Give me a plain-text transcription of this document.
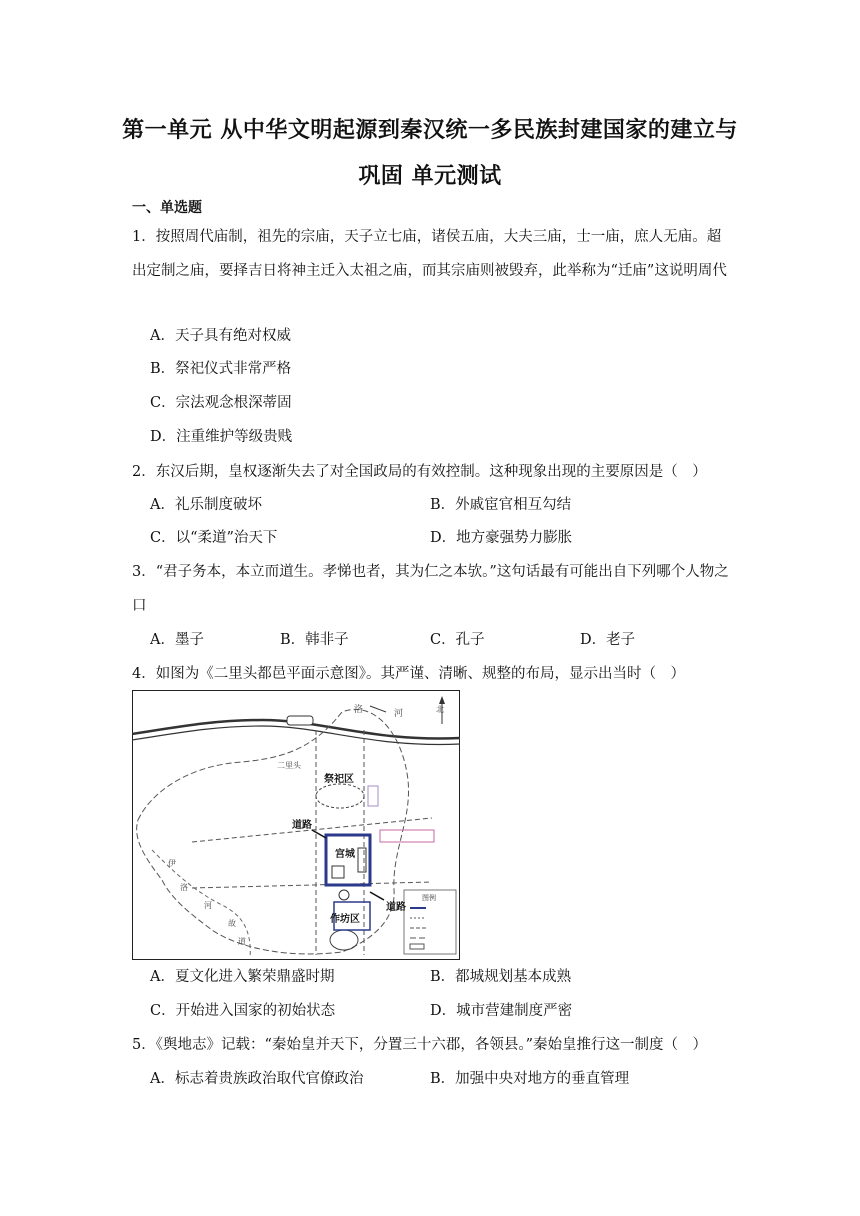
第一单元 从中华文明起源到秦汉统一多民族封建国家的建立与
巩固 单元测试
一、单选题
1．按照周代庙制，祖先的宗庙，天子立七庙，诸侯五庙，大夫三庙，士一庙，庶人无庙。超出定制之庙，要择吉日将神主迁入太祖之庙，而其宗庙则被毁弃，此举称为“迁庙”这说明周代
A．天子具有绝对权威
B．祭祀仪式非常严格
C．宗法观念根深蒂固
D．注重维护等级贵贱
2．东汉后期，皇权逐渐失去了对全国政局的有效控制。这种现象出现的主要原因是（　）
A．礼乐制度破坏	B．外戚宦官相互勾结
C．以“柔道”治天下	D．地方豪强势力膨胀
3．“君子务本，本立而道生。孝悌也者，其为仁之本欤。”这句话最有可能出自下列哪个人物之口
A．墨子	B．韩非子	C．孔子	D．老子
4．如图为《二里头都邑平面示意图》。其严谨、清晰、规整的布局，显示出当时（　）
洛	河
二里头
北
祭祀区
道路
宫城
道路
作坊区
伊
洛
河
故
道
图例
A．夏文化进入繁荣鼎盛时期	B．都城规划基本成熟
C．开始进入国家的初始状态	D．城市营建制度严密
5．《舆地志》记载：“秦始皇并天下，分置三十六郡，各领县。”秦始皇推行这一制度（　）
A．标志着贵族政治取代官僚政治	B．加强中央对地方的垂直管理
